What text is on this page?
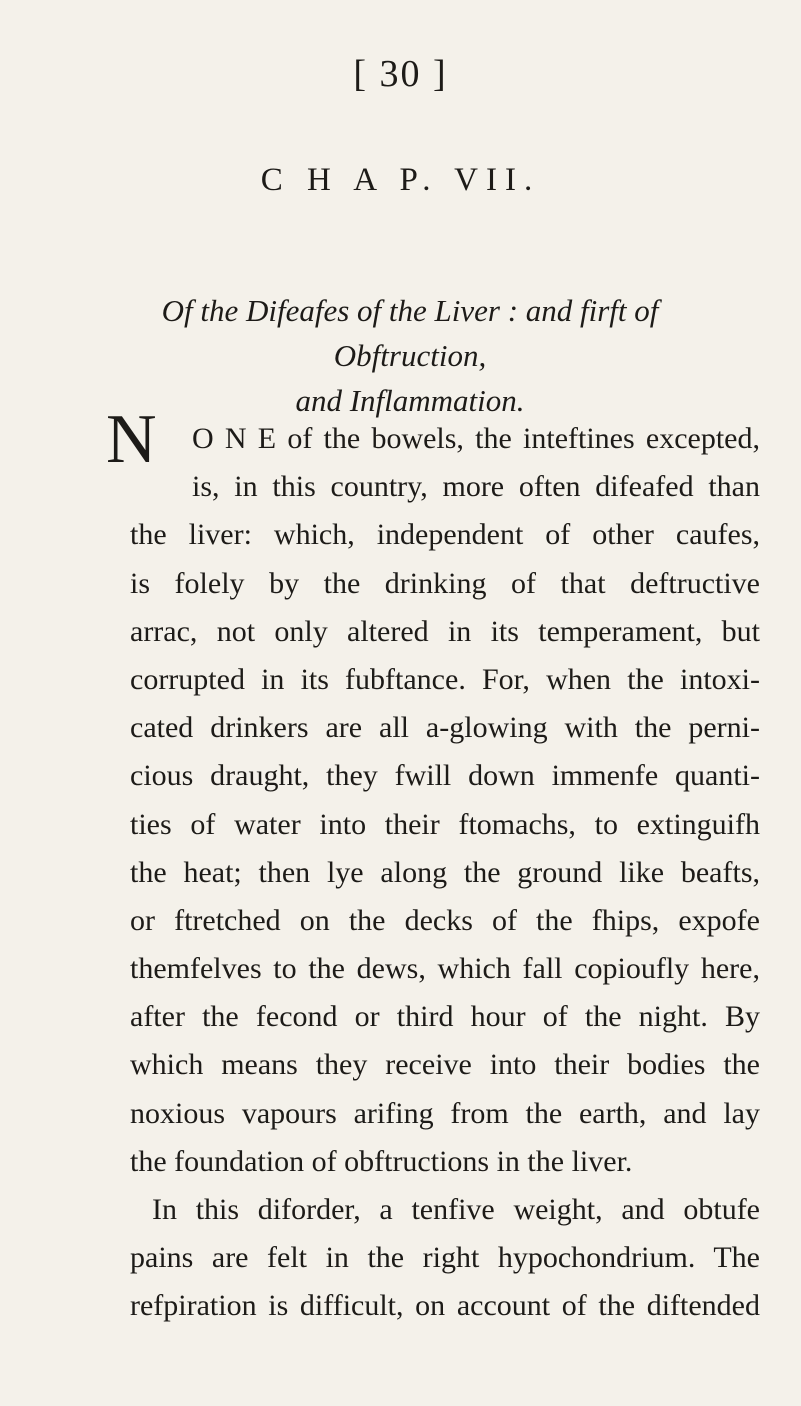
[ 30 ]
C H A P. VII.
Of the Difeafes of the Liver : and firft of Obftruction,
and Inflammation.
N	O N E of the bowels, the inteftines excepted,
is, in this country, more often difeafed than
the liver: which, independent of other caufes,
is folely by the drinking of that deftructive
arrac, not only altered in its temperament, but
corrupted in its fubftance. For, when the intoxi-
cated drinkers are all a-glowing with the perni-
cious draught, they fwill down immenfe quanti-
ties of water into their ftomachs, to extinguifh
the heat; then lye along the ground like beafts,
or ftretched on the decks of the fhips, expofe
themfelves to the dews, which fall copioufly here,
after the fecond or third hour of the night. By
which means they receive into their bodies the
noxious vapours arifing from the earth, and lay
the foundation of obftructions in the liver.
In this diforder, a tenfive weight, and obtufe
pains are felt in the right hypochondrium. The
refpiration is difficult, on account of the diftended
